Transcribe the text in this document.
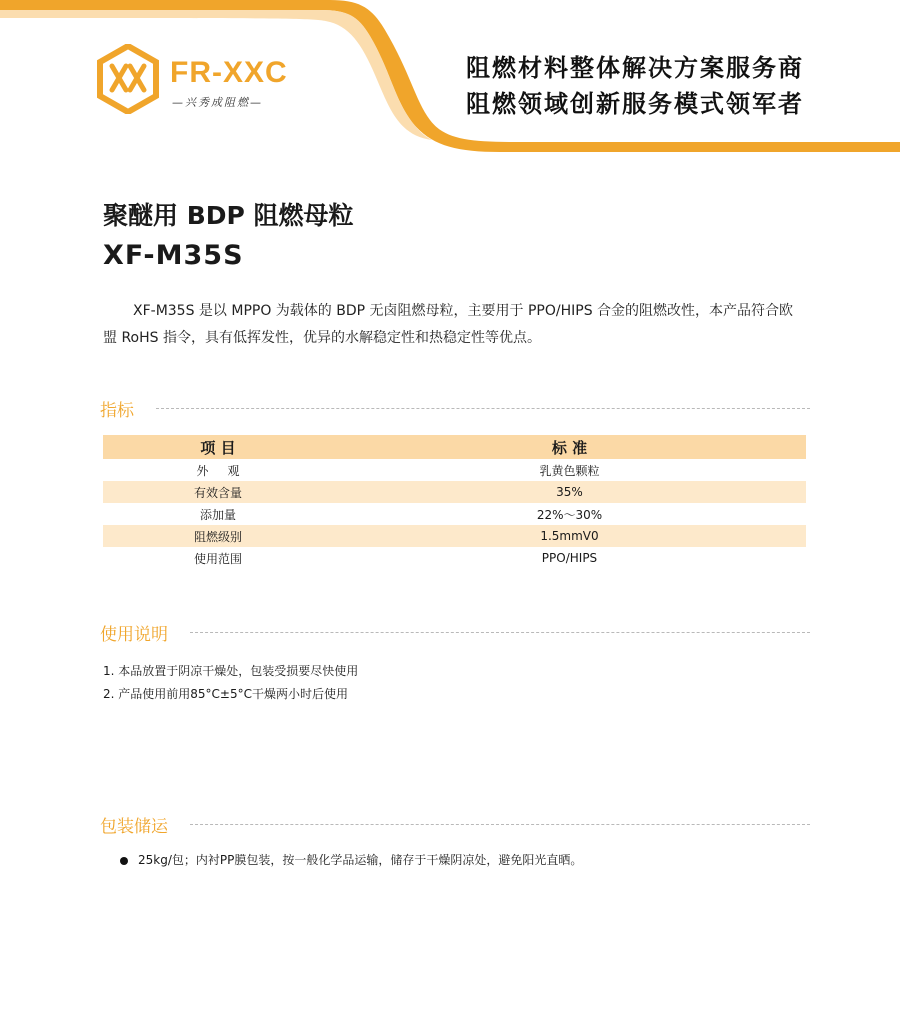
FR-XXC
—兴秀成阻燃—
阻燃材料整体解决方案服务商
阻燃领域创新服务模式领军者
聚醚用 BDP 阻燃母粒
XF-M35S
XF-M35S 是以 MPPO 为载体的 BDP 无卤阻燃母粒，主要用于 PPO/HIPS 合金的阻燃改性，本产品符合欧盟 RoHS 指令，具有低挥发性，优异的水解稳定性和热稳定性等优点。
指标
项 目	标 准
外     观	乳黄色颗粒
有效含量	35%
添加量	22%～30%
阻燃级别	1.5mmV0
使用范围	PPO/HIPS
使用说明
1. 本品放置于阴凉干燥处，包装受损要尽快使用
2. 产品使用前用85°C±5°C干燥两小时后使用
包装储运
25kg/包；内衬PP膜包装，按一般化学品运输，储存于干燥阴凉处，避免阳光直晒。
